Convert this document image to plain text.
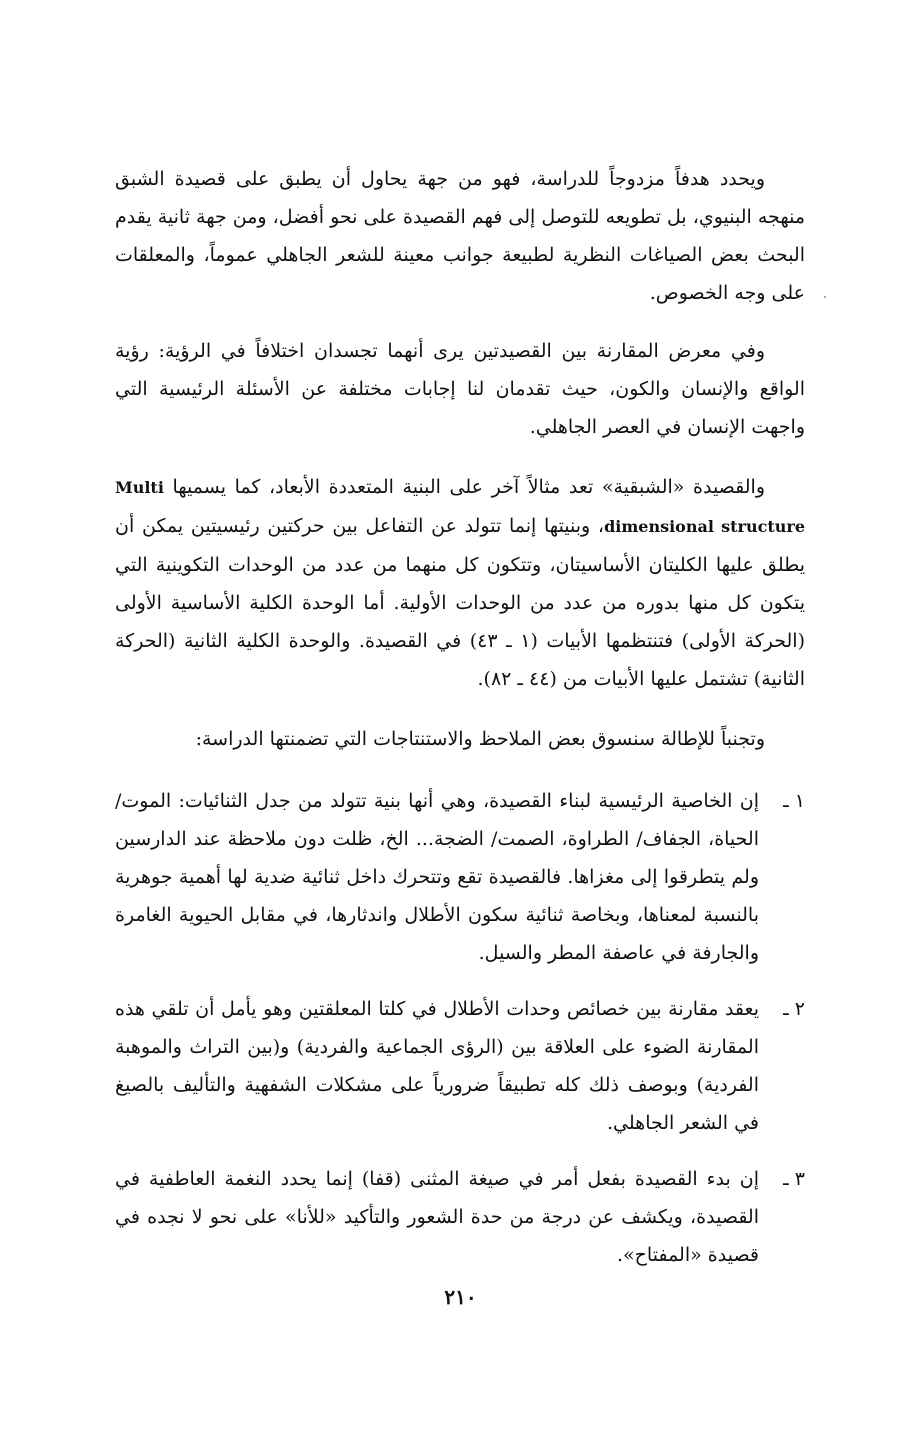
ويحدد هدفاً مزدوجاً للدراسة، فهو من جهة يحاول أن يطبق على قصيدة الشبق منهجه البنيوي، بل تطويعه للتوصل إلى فهم القصيدة على نحو أفضل، ومن جهة ثانية يقدم البحث بعض الصياغات النظرية لطبيعة جوانب معينة للشعر الجاهلي عموماً، والمعلقات على وجه الخصوص.

وفي معرض المقارنة بين القصيدتين يرى أنهما تجسدان اختلافاً في الرؤية: رؤية الواقع والإنسان والكون، حيث تقدمان لنا إجابات مختلفة عن الأسئلة الرئيسية التي واجهت الإنسان في العصر الجاهلي.

والقصيدة «الشبقية» تعد مثالاً آخر على البنية المتعددة الأبعاد، كما يسميها Multi dimensional structure، وبنيتها إنما تتولد عن التفاعل بين حركتين رئيسيتين يمكن أن يطلق عليها الكليتان الأساسيتان، وتتكون كل منهما من عدد من الوحدات التكوينية التي يتكون كل منها بدوره من عدد من الوحدات الأولية. أما الوحدة الكلية الأساسية الأولى (الحركة الأولى) فتنتظمها الأبيات (١ ـ ٤٣) في القصيدة. والوحدة الكلية الثانية (الحركة الثانية) تشتمل عليها الأبيات من (٤٤ ـ ٨٢).

وتجنباً للإطالة سنسوق بعض الملاحظ والاستنتاجات التي تضمنتها الدراسة:

١ ـ
إن الخاصية الرئيسية لبناء القصيدة، وهي أنها بنية تتولد من جدل الثنائيات: الموت/ الحياة، الجفاف/ الطراوة، الصمت/ الضجة... الخ، ظلت دون ملاحظة عند الدارسين ولم يتطرقوا إلى مغزاها. فالقصيدة تقع وتتحرك داخل ثنائية ضدية لها أهمية جوهرية بالنسبة لمعناها، وبخاصة ثنائية سكون الأطلال واندثارها، في مقابل الحيوية الغامرة والجارفة في عاصفة المطر والسيل.
٢ ـ
يعقد مقارنة بين خصائص وحدات الأطلال في كلتا المعلقتين وهو يأمل أن تلقي هذه المقارنة الضوء على العلاقة بين (الرؤى الجماعية والفردية) و(بين التراث والموهبة الفردية) وبوصف ذلك كله تطبيقاً ضرورياً على مشكلات الشفهية والتأليف بالصيغ في الشعر الجاهلي.
٣ ـ
إن بدء القصيدة بفعل أمر في صيغة المثنى (قفا) إنما يحدد النغمة العاطفية في القصيدة، ويكشف عن درجة من حدة الشعور والتأكيد «للأنا» على نحو لا نجده في قصيدة «المفتاح».
٢١٠
